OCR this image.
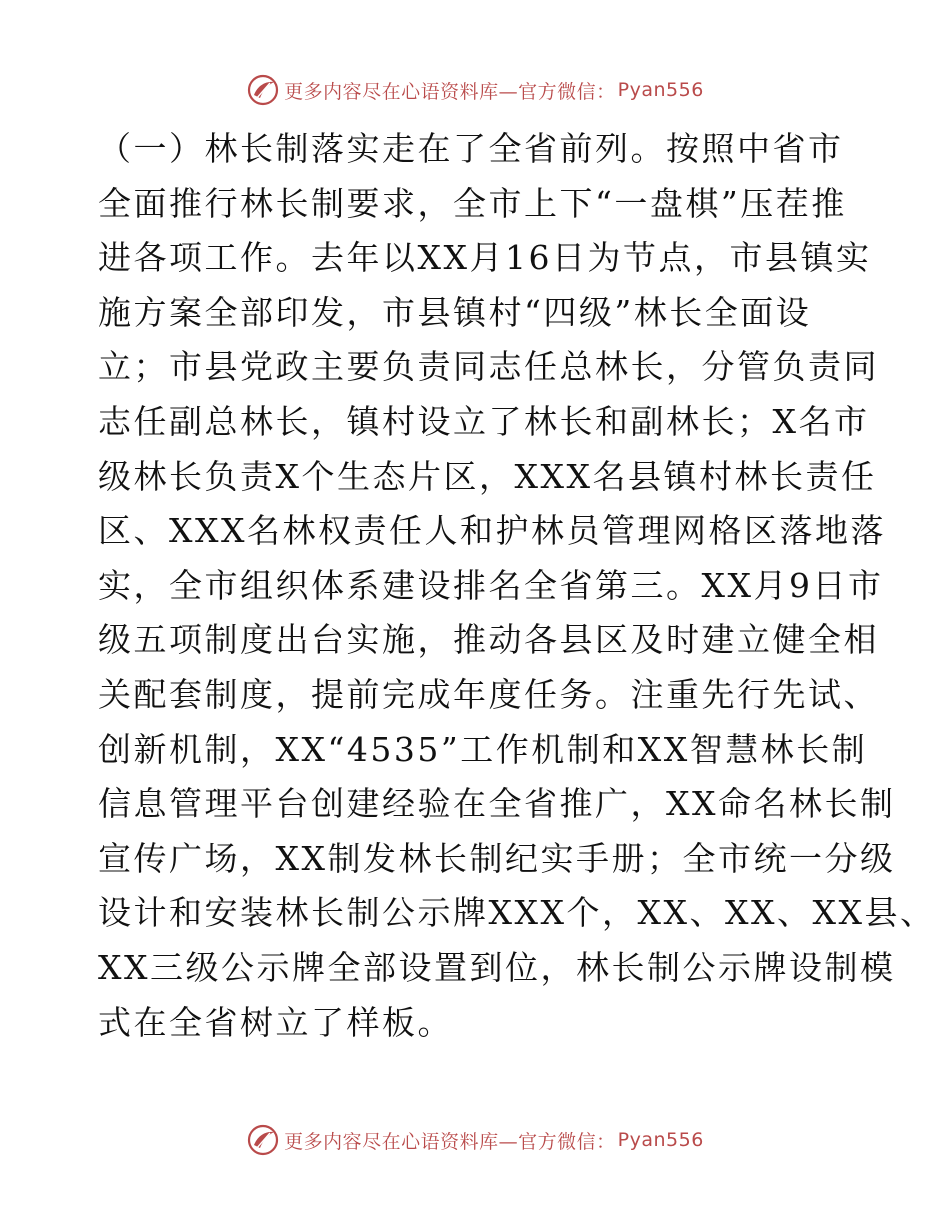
更多内容尽在心语资料库—官方微信： Pyan556
（一）林长制落实走在了全省前列。按照中省市
全面推行林长制要求，全市上下“一盘棋”压茬推
进各项工作。去年以XX月16日为节点，市县镇实
施方案全部印发，市县镇村“四级”林长全面设
立；市县党政主要负责同志任总林长，分管负责同
志任副总林长，镇村设立了林长和副林长；X名市
级林长负责X个生态片区，XXX名县镇村林长责任
区、XXX名林权责任人和护林员管理网格区落地落
实，全市组织体系建设排名全省第三。XX月9日市
级五项制度出台实施，推动各县区及时建立健全相
关配套制度，提前完成年度任务。注重先行先试、
创新机制，XX“4535”工作机制和XX智慧林长制
信息管理平台创建经验在全省推广，XX命名林长制
宣传广场，XX制发林长制纪实手册；全市统一分级
设计和安装林长制公示牌XXX个，XX、XX、XX县、
XX三级公示牌全部设置到位，林长制公示牌设制模
式在全省树立了样板。
更多内容尽在心语资料库—官方微信： Pyan556
